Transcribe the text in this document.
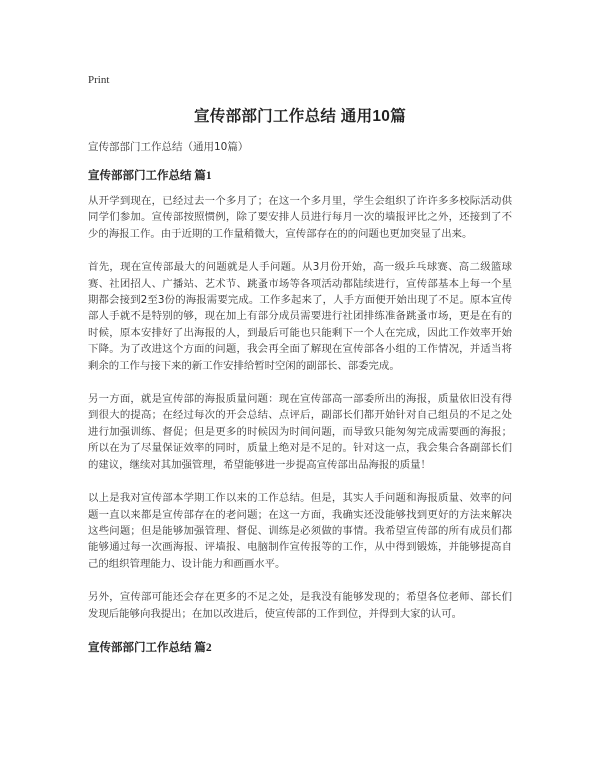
Print
宣传部部门工作总结 通用10篇

宣传部部门工作总结（通用10篇）

宣传部部门工作总结 篇1

从开学到现在，已经过去一个多月了；在这一个多月里，学生会组织了许许多多校际活动供同学们参加。宣传部按照惯例，除了要安排人员进行每月一次的墙报评比之外，还接到了不少的海报工作。由于近期的工作量稍微大，宣传部存在的的问题也更加突显了出来。

首先，现在宣传部最大的问题就是人手问题。从3月份开始，高一级乒乓球赛、高二级篮球赛、社团招人、广播站、艺术节、跳蚤市场等各项活动都陆续进行，宣传部基本上每一个星期都会接到2至3份的海报需要完成。工作多起来了，人手方面便开始出现了不足。原本宣传部人手就不是特别的够，现在加上有部分成员需要进行社团排练准备跳蚤市场，更是在有的时候，原本安排好了出海报的人，到最后可能也只能剩下一个人在完成，因此工作效率开始下降。为了改进这个方面的问题，我会再全面了解现在宣传部各小组的工作情况，并适当将剩余的工作与接下来的新工作安排给暂时空闲的副部长、部委完成。

另一方面，就是宣传部的海报质量问题：现在宣传部高一部委所出的海报，质量依旧没有得到很大的提高；在经过每次的开会总结、点评后，副部长们都开始针对自己组员的不足之处进行加强训练、督促；但是更多的时候因为时间问题，而导致只能匆匆完成需要画的海报；所以在为了尽量保证效率的同时，质量上绝对是不足的。针对这一点，我会集合各副部长们的建议，继续对其加强管理，希望能够进一步提高宣传部出品海报的质量！

以上是我对宣传部本学期工作以来的工作总结。但是，其实人手问题和海报质量、效率的问题一直以来都是宣传部存在的老问题；在这一方面，我确实还没能够找到更好的方法来解决这些问题；但是能够加强管理、督促、训练是必须做的事情。我希望宣传部的所有成员们都能够通过每一次画海报、评墙报、电脑制作宣传报等的工作，从中得到锻炼，并能够提高自己的组织管理能力、设计能力和画画水平。

另外，宣传部可能还会存在更多的不足之处，是我没有能够发现的；希望各位老师、部长们发现后能够向我提出；在加以改进后，使宣传部的工作到位，并得到大家的认可。

宣传部部门工作总结 篇2
